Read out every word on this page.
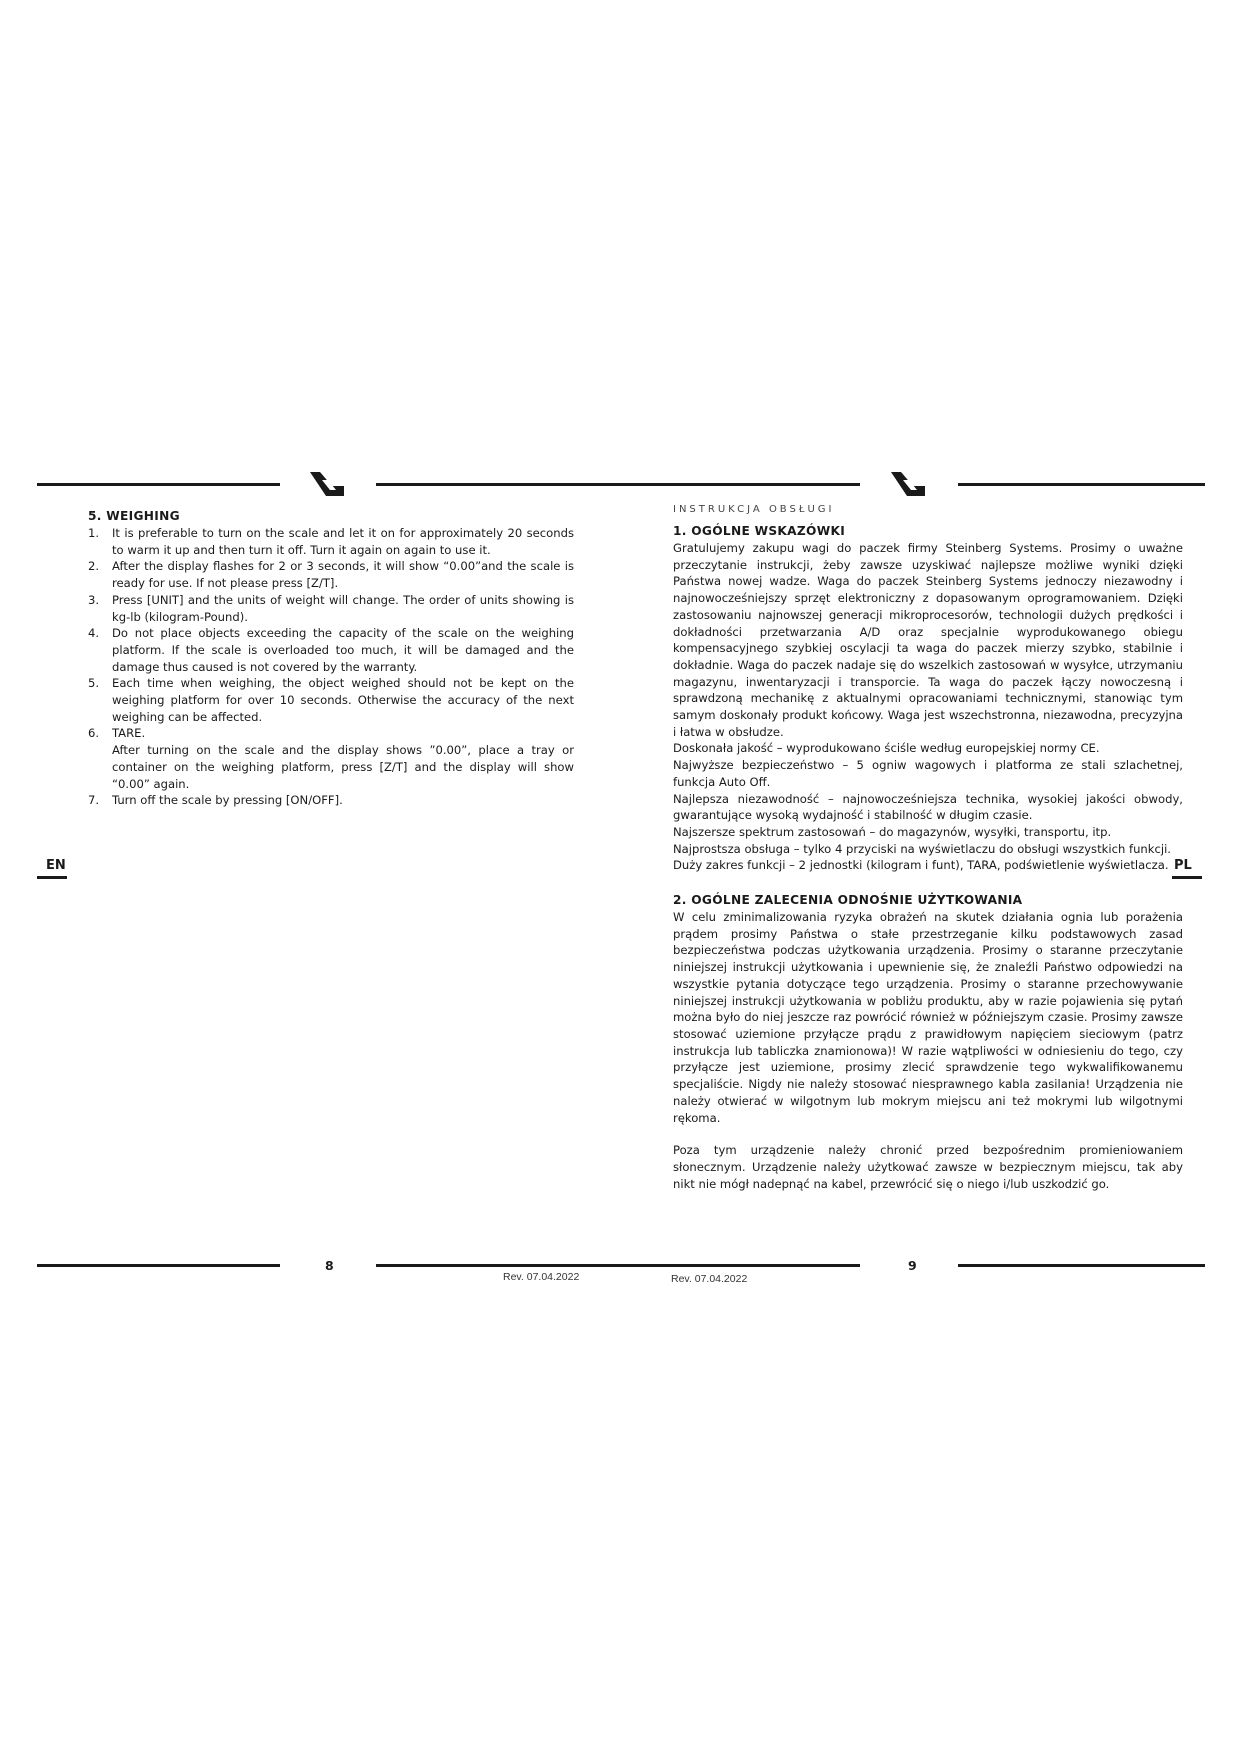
5. WEIGHING

1. It is preferable to turn on the scale and let it on for approximately 20 seconds to warm it up and then turn it off. Turn it again on again to use it.
2. After the display flashes for 2 or 3 seconds, it will show “0.00”and the scale is ready for use. If not please press [Z/T].
3. Press [UNIT] and the units of weight will change. The order of units showing is kg-lb (kilogram-Pound).
4. Do not place objects exceeding the capacity of the scale on the weighing platform. If the scale is overloaded too much, it will be damaged and the damage thus caused is not covered by the warranty.
5. Each time when weighing, the object weighed should not be kept on the weighing platform for over 10 seconds. Otherwise the accuracy of the next weighing can be affected.
6. TARE.
After turning on the scale and the display shows ”0.00”, place a tray or container on the weighing platform, press [Z/T] and the display will show “0.00” again.
7. Turn off the scale by pressing [ON/OFF].

INSTRUKCJA OBSŁUGI

1. OGÓLNE WSKAZÓWKI

Gratulujemy zakupu wagi do paczek firmy Steinberg Systems. Prosimy o uważne przeczytanie instrukcji, żeby zawsze uzyskiwać najlepsze możliwe wyniki dzięki Państwa nowej wadze. Waga do paczek Steinberg Systems jednoczy niezawodny i najnowocześniejszy sprzęt elektroniczny z dopasowanym oprogramowaniem. Dzięki zastosowaniu najnowszej generacji mikroprocesorów, technologii dużych prędkości i dokładności przetwarzania A/D oraz specjalnie wyprodukowanego obiegu kompensacyjnego szybkiej oscylacji ta waga do paczek mierzy szybko, stabilnie i dokładnie. Waga do paczek nadaje się do wszelkich zastosowań w wysyłce, utrzymaniu magazynu, inwentaryzacji i transporcie. Ta waga do paczek łączy nowoczesną i sprawdzoną mechanikę z aktualnymi opracowaniami technicznymi, stanowiąc tym samym doskonały produkt końcowy. Waga jest wszechstronna, niezawodna, precyzyjna i łatwa w obsłudze.

Doskonała jakość – wyprodukowano ściśle według europejskiej normy CE.

Najwyższe bezpieczeństwo – 5 ogniw wagowych i platforma ze stali szlachetnej, funkcja Auto Off.

Najlepsza niezawodność – najnowocześniejsza technika, wysokiej jakości obwody, gwarantujące wysoką wydajność i stabilność w długim czasie.

Najszersze spektrum zastosowań – do magazynów, wysyłki, transportu, itp.

Najprostsza obsługa – tylko 4 przyciski na wyświetlaczu do obsługi wszystkich funkcji.

Duży zakres funkcji – 2 jednostki (kilogram i funt), TARA, podświetlenie wyświetlacza.

2. OGÓLNE ZALECENIA ODNOŚNIE UŻYTKOWANIA

W celu zminimalizowania ryzyka obrażeń na skutek działania ognia lub porażenia prądem prosimy Państwa o stałe przestrzeganie kilku podstawowych zasad bezpieczeństwa podczas użytkowania urządzenia. Prosimy o staranne przeczytanie niniejszej instrukcji użytkowania i upewnienie się, że znaleźli Państwo odpowiedzi na wszystkie pytania dotyczące tego urządzenia. Prosimy o staranne przechowywanie niniejszej instrukcji użytkowania w pobliżu produktu, aby w razie pojawienia się pytań można było do niej jeszcze raz powrócić również w późniejszym czasie. Prosimy zawsze stosować uziemione przyłącze prądu z prawidłowym napięciem sieciowym (patrz instrukcja lub tabliczka znamionowa)! W razie wątpliwości w odniesieniu do tego, czy przyłącze jest uziemione, prosimy zlecić sprawdzenie tego wykwalifikowanemu specjaliście. Nigdy nie należy stosować niesprawnego kabla zasilania! Urządzenia nie należy otwierać w wilgotnym lub mokrym miejscu ani też mokrymi lub wilgotnymi rękoma.

Poza tym urządzenie należy chronić przed bezpośrednim promieniowaniem słonecznym. Urządzenie należy użytkować zawsze w bezpiecznym miejscu, tak aby nikt nie mógł nadepnąć na kabel, przewrócić się o niego i/lub uszkodzić go.

EN	PL
8	9
Rev. 07.04.2022	Rev. 07.04.2022
